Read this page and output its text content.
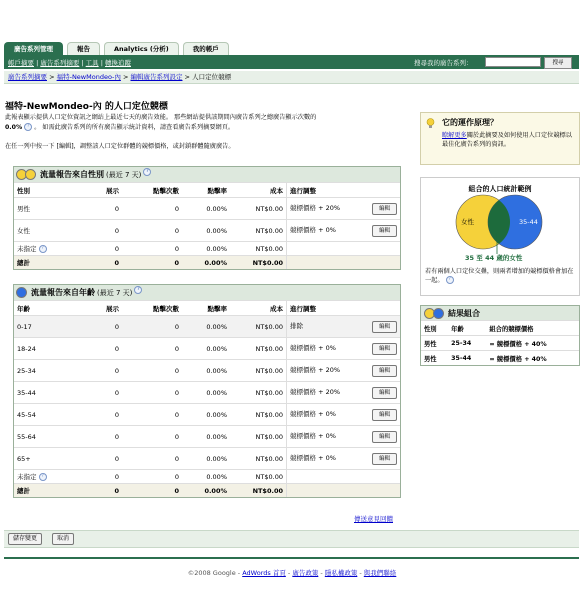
廣告系列管理	報告	Analytics (分析)	我的帳戶
帳戶摘要 | 廣告系列摘要 | 工具 | 轉換追蹤	搜尋我的廣告系列：	搜尋
廣告系列摘要 > 福特-NewMondeo-內 > 編輯廣告系列設定 > 人口定位競標
福特-NewMondeo-內 的人口定位競標
此報表顯示提供人口定位資訊之網站上最近七天的廣告效能。 那些網站提供該期間內廣告系列之總廣告顯示次數的
0.0% ? 。 如需此廣告系列的所有廣告顯示統計資料，請查看廣告系列摘要網頁。
在任一列中按一下 [編輯]，調整該人口定位群體的競標價格，或封鎖群體隨廣廣告。
流量報告來自性別 (最近 7 天)	?
性別	展示	點擊次數	點擊率	成本	進行調整
男性	0	0	0.00%	NT$0.00	競標價格 + 20% 編輯

女性	0	0	0.00%	NT$0.00	競標價格 + 0% 編輯

未指定 ?	0	0	0.00%	NT$0.00	
總計	0	0	0.00%	NT$0.00	
流量報告來自年齡 (最近 7 天)	?
年齡	展示	點擊次數	點擊率	成本	進行調整
0-17	0	0	0.00%	NT$0.00	排除 編輯

18-24	0	0	0.00%	NT$0.00	競標價格 + 0% 編輯

25-34	0	0	0.00%	NT$0.00	競標價格 + 20% 編輯

35-44	0	0	0.00%	NT$0.00	競標價格 + 20% 編輯

45-54	0	0	0.00%	NT$0.00	競標價格 + 0% 編輯

55-64	0	0	0.00%	NT$0.00	競標價格 + 0% 編輯

65+	0	0	0.00%	NT$0.00	競標價格 + 0% 編輯

未指定 ?	0	0	0.00%	NT$0.00	
總計	0	0	0.00%	NT$0.00	
傳送意見回饋
儲存變更	取消
©2008 Google - AdWords 首頁 - 廣告政策 - 隱私權政策 - 與我們聯絡
它的運作原理？
瞭解更多關於此摘要及如何使用人口定位競標以最佳化廣告系列的資訊。
組合的人口統計範例
女性	35-44
35 至 44 歲的女性
若有兩個人口定位交疊，則兩者增加的競標價格會加在一起。 ?
結果組合
性別	年齡	組合的競標價格
男性	25-34	= 競標價格 + 40%
男性	35-44	= 競標價格 + 40%
